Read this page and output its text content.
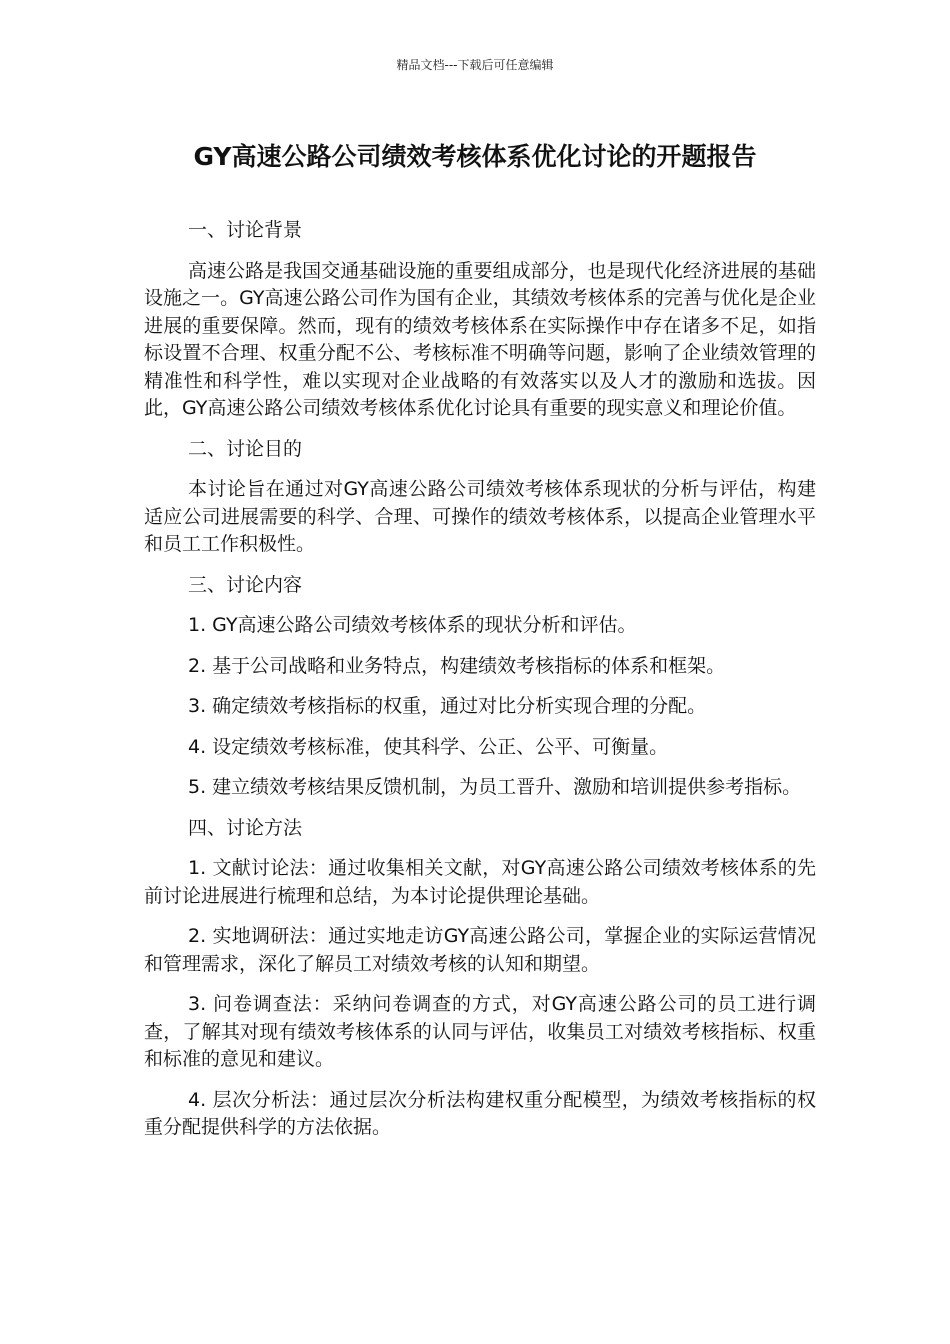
精品文档---下载后可任意编辑
GY高速公路公司绩效考核体系优化讨论的开题报告

一、讨论背景

高速公路是我国交通基础设施的重要组成部分，也是现代化经济进展的基础设施之一。GY高速公路公司作为国有企业，其绩效考核体系的完善与优化是企业进展的重要保障。然而，现有的绩效考核体系在实际操作中存在诸多不足，如指标设置不合理、权重分配不公、考核标准不明确等问题，影响了企业绩效管理的精准性和科学性，难以实现对企业战略的有效落实以及人才的激励和选拔。因此，GY高速公路公司绩效考核体系优化讨论具有重要的现实意义和理论价值。

二、讨论目的

本讨论旨在通过对GY高速公路公司绩效考核体系现状的分析与评估，构建适应公司进展需要的科学、合理、可操作的绩效考核体系，以提高企业管理水平和员工工作积极性。

三、讨论内容

1. GY高速公路公司绩效考核体系的现状分析和评估。

2. 基于公司战略和业务特点，构建绩效考核指标的体系和框架。

3. 确定绩效考核指标的权重，通过对比分析实现合理的分配。

4. 设定绩效考核标准，使其科学、公正、公平、可衡量。

5. 建立绩效考核结果反馈机制，为员工晋升、激励和培训提供参考指标。

四、讨论方法

1. 文献讨论法：通过收集相关文献，对GY高速公路公司绩效考核体系的先前讨论进展进行梳理和总结，为本讨论提供理论基础。

2. 实地调研法：通过实地走访GY高速公路公司，掌握企业的实际运营情况和管理需求，深化了解员工对绩效考核的认知和期望。

3. 问卷调查法：采纳问卷调查的方式，对GY高速公路公司的员工进行调查，了解其对现有绩效考核体系的认同与评估，收集员工对绩效考核指标、权重和标准的意见和建议。

4. 层次分析法：通过层次分析法构建权重分配模型，为绩效考核指标的权重分配提供科学的方法依据。
